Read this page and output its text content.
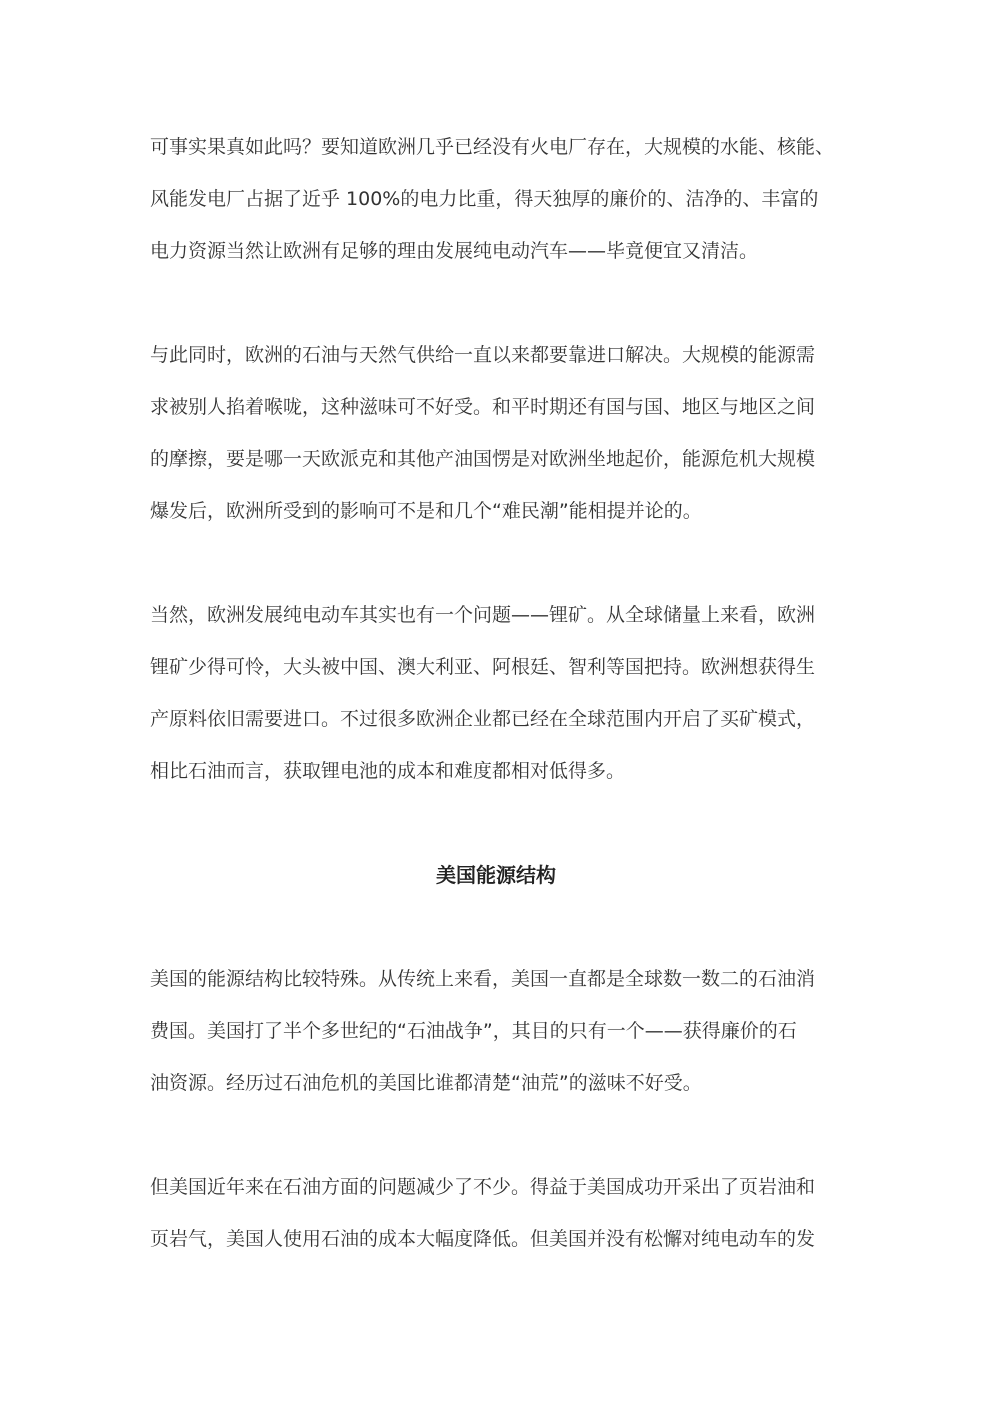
可事实果真如此吗？要知道欧洲几乎已经没有火电厂存在，大规模的水能、核能、
风能发电厂占据了近乎 100%的电力比重，得天独厚的廉价的、洁净的、丰富的
电力资源当然让欧洲有足够的理由发展纯电动汽车——毕竟便宜又清洁。
与此同时，欧洲的石油与天然气供给一直以来都要靠进口解决。大规模的能源需
求被别人掐着喉咙，这种滋味可不好受。和平时期还有国与国、地区与地区之间
的摩擦，要是哪一天欧派克和其他产油国愣是对欧洲坐地起价，能源危机大规模
爆发后，欧洲所受到的影响可不是和几个“难民潮”能相提并论的。
当然，欧洲发展纯电动车其实也有一个问题——锂矿。从全球储量上来看，欧洲
锂矿少得可怜，大头被中国、澳大利亚、阿根廷、智利等国把持。欧洲想获得生
产原料依旧需要进口。不过很多欧洲企业都已经在全球范围内开启了买矿模式，
相比石油而言，获取锂电池的成本和难度都相对低得多。
美国能源结构
美国的能源结构比较特殊。从传统上来看，美国一直都是全球数一数二的石油消
费国。美国打了半个多世纪的“石油战争”，其目的只有一个——获得廉价的石
油资源。经历过石油危机的美国比谁都清楚“油荒”的滋味不好受。
但美国近年来在石油方面的问题减少了不少。得益于美国成功开采出了页岩油和
页岩气，美国人使用石油的成本大幅度降低。但美国并没有松懈对纯电动车的发
